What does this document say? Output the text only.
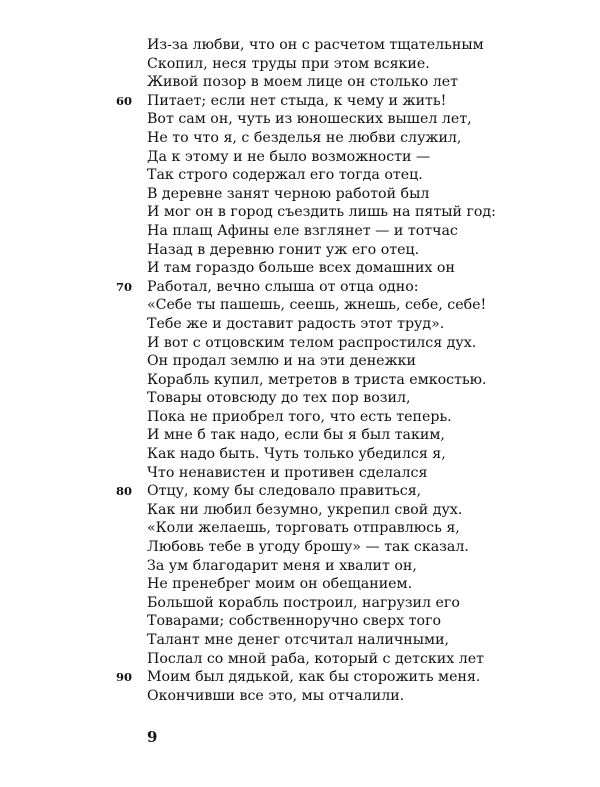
Из-за любви, что он с расчетом тщательным
Скопил, неся труды при этом всякие.
Живой позор в моем лице он столько лет
60	Питает; если нет стыда, к чему и жить!
Вот сам он, чуть из юношеских вышел лет,
Не то что я, с безделья не любви служил,
Да к этому и не было возможности —
Так строго содержал его тогда отец.
В деревне занят черною работой был
И мог он в город съездить лишь на пятый год:
На плащ Афины еле взглянет — и тотчас
Назад в деревню гонит уж его отец.
И там гораздо больше всех домашних он
70	Работал, вечно слыша от отца одно:
«Себе ты пашешь, сеешь, жнешь, себе, себе!
Тебе же и доставит радость этот труд».
И вот с отцовским телом распростился дух.
Он продал землю и на эти денежки
Корабль купил, метретов в триста емкостью.
Товары отовсюду до тех пор возил,
Пока не приобрел того, что есть теперь.
И мне б так надо, если бы я был таким,
Как надо быть. Чуть только убедился я,
Что ненавистен и противен сделался
80	Отцу, кому бы следовало правиться,
Как ни любил безумно, укрепил свой дух.
«Коли желаешь, торговать отправлюсь я,
Любовь тебе в угоду брошу» — так сказал.
За ум благодарит меня и хвалит он,
Не пренебрег моим он обещанием.
Большой корабль построил, нагрузил его
Товарами; собственноручно сверх того
Талант мне денег отсчитал наличными,
Послал со мной раба, который с детских лет
90	Моим был дядькой, как бы сторожить меня.
Окончивши все это, мы отчалили.
9
